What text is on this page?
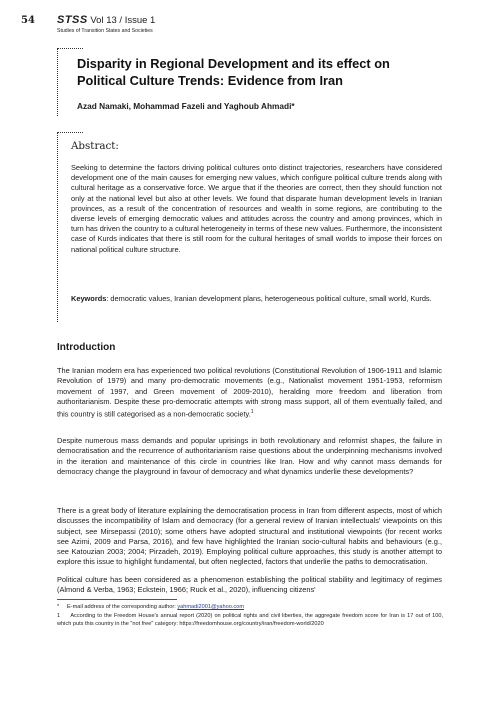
54 STSS Vol 13 / Issue 1
Studies of Transition States and Societies
Disparity in Regional Development and its effect on Political Culture Trends: Evidence from Iran
Azad Namaki, Mohammad Fazeli and Yaghoub Ahmadi*
Abstract:
Seeking to determine the factors driving political cultures onto distinct trajectories, researchers have considered development one of the main causes for emerging new values, which configure political culture trends along with cultural heritage as a conservative force. We argue that if the theories are correct, then they should function not only at the national level but also at other levels. We found that disparate human development levels in Iranian provinces, as a result of the concentration of resources and wealth in some regions, are contributing to the diverse levels of emerging democratic values and attitudes across the country and among provinces, which in turn has driven the country to a cultural heterogeneity in terms of these new values. Furthermore, the inconsistent case of Kurds indicates that there is still room for the cultural heritages of small worlds to impose their forces on national political culture structure.
Keywords: democratic values, Iranian development plans, heterogeneous political culture, small world, Kurds.
Introduction
The Iranian modern era has experienced two political revolutions (Constitutional Revolution of 1906-1911 and Islamic Revolution of 1979) and many pro-democratic movements (e.g., Nationalist movement 1951-1953, reformism movement of 1997, and Green movement of 2009-2010), heralding more freedom and liberation from authoritarianism. Despite these pro-democratic attempts with strong mass support, all of them eventually failed, and this country is still categorised as a non-democratic society.$^1$
Despite numerous mass demands and popular uprisings in both revolutionary and reformist shapes, the failure in democratisation and the recurrence of authoritarianism raise questions about the underpinning mechanisms involved in the iteration and maintenance of this circle in countries like Iran. How and why cannot mass demands for democracy change the playground in favour of democracy and what dynamics underlie these developments?
There is a great body of literature explaining the democratisation process in Iran from different aspects, most of which discusses the incompatibility of Islam and democracy (for a general review of Iranian intellectuals' viewpoints on this subject, see Mirsepassi (2010); some others have adopted structural and institutional viewpoints (for recent works see Azimi, 2009 and Parsa, 2016), and few have highlighted the Iranian socio-cultural habits and behaviours (e.g., see Katouzian 2003; 2004; Pirzadeh, 2019). Employing political culture approaches, this study is another attempt to explore this issue to highlight fundamental, but often neglected, factors that underlie the paths to democratisation.
Political culture has been considered as a phenomenon establishing the political stability and legitimacy of regimes (Almond & Verba, 1963; Eckstein, 1966; Ruck et al., 2020), influencing citizens'
* E-mail address of the corresponding author: yahmadi2001@yahoo.com
1 According to the Freedom House's annual report (2020) on political rights and civil liberties, the aggregate freedom score for Iran is 17 out of 100, which puts this country in the "not free" category: https://freedomhouse.org/country/iran/freedom-world/2020
